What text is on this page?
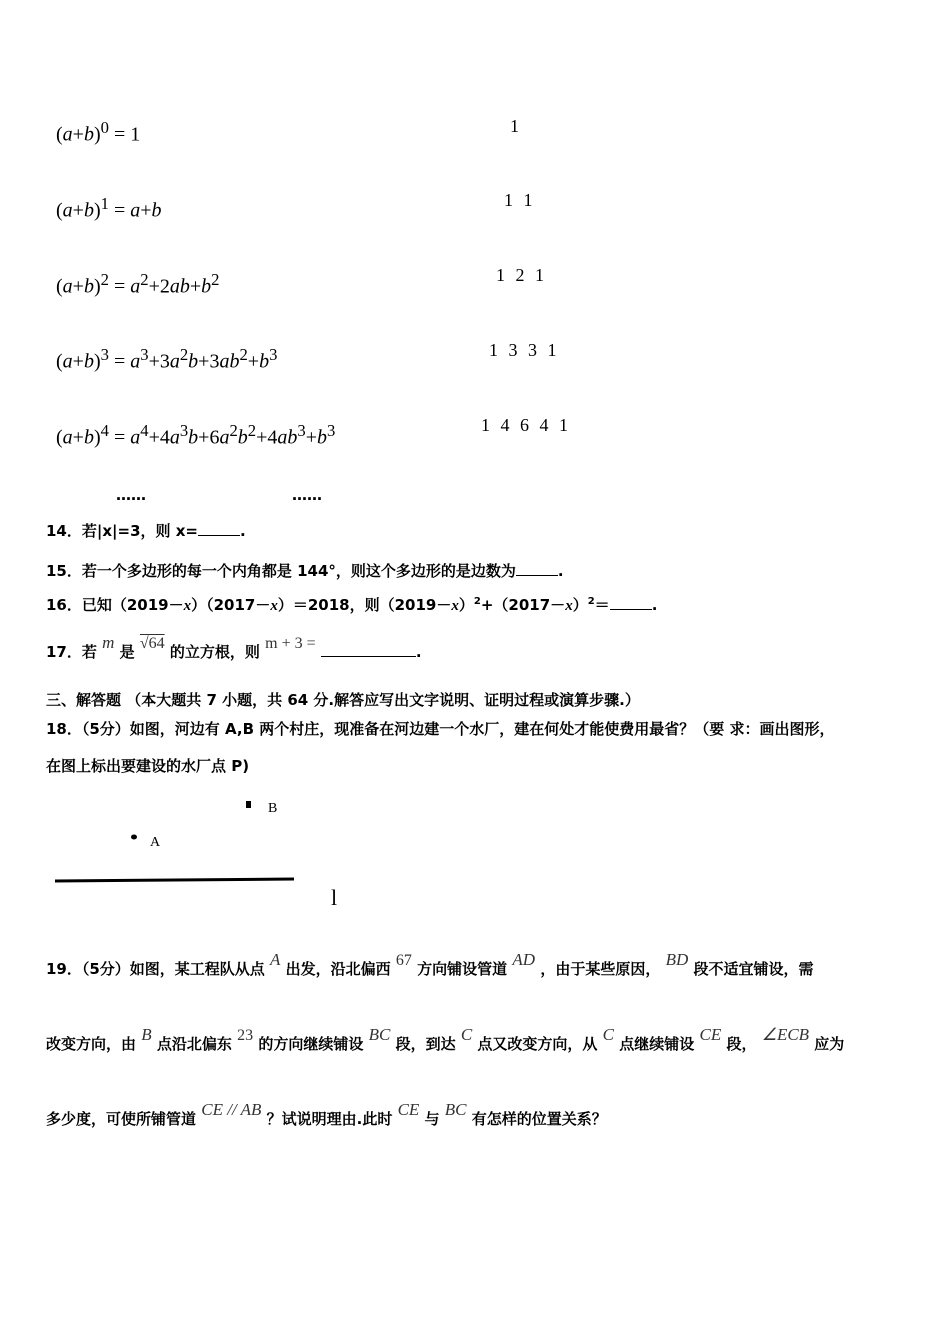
$(a+b)^0 = 1$	1
$(a+b)^1 = a+b$	1 1
$(a+b)^2 = a^2+2ab+b^2$	1 2 1
$(a+b)^3 = a^3+3a^2b+3ab^2+b^3$	1 3 3 1
$(a+b)^4 = a^4+4a^3b+6a^2b^2+4ab^3+b^3$	1 4 6 4 1
……	……
14．若|x|=3，则 x=	.
15．若一个多边形的每一个内角都是 144°，则这个多边形的是边数为	.
16．已知（2019－x）（2017－x）＝2018，则$(2019-x)^2+(2017-x)^2=$	.
17．若 m 是 √64 的立方根，则 m + 3 =	.
三、解答题 （本大题共 7 小题，共 64 分.解答应写出文字说明、证明过程或演算步骤.）
18．（5分）如图，河边有 A,B 两个村庄，现准备在河边建一个水厂，建在何处才能使费用最省？（要 求：画出图形，
在图上标出要建设的水厂点 P)
B
A
l
19．（5分）如图，某工程队从点 A 出发，沿北偏西 67 方向铺设管道 AD ，由于某些原因， BD 段不适宜铺设，需
改变方向，由 B 点沿北偏东 23 的方向继续铺设 BC 段，到达 C 点又改变方向，从 C 点继续铺设 CE 段， ∠ECB 应为
多少度，可使所铺管道 CE // AB ？试说明理由.此时 CE 与 BC 有怎样的位置关系？
